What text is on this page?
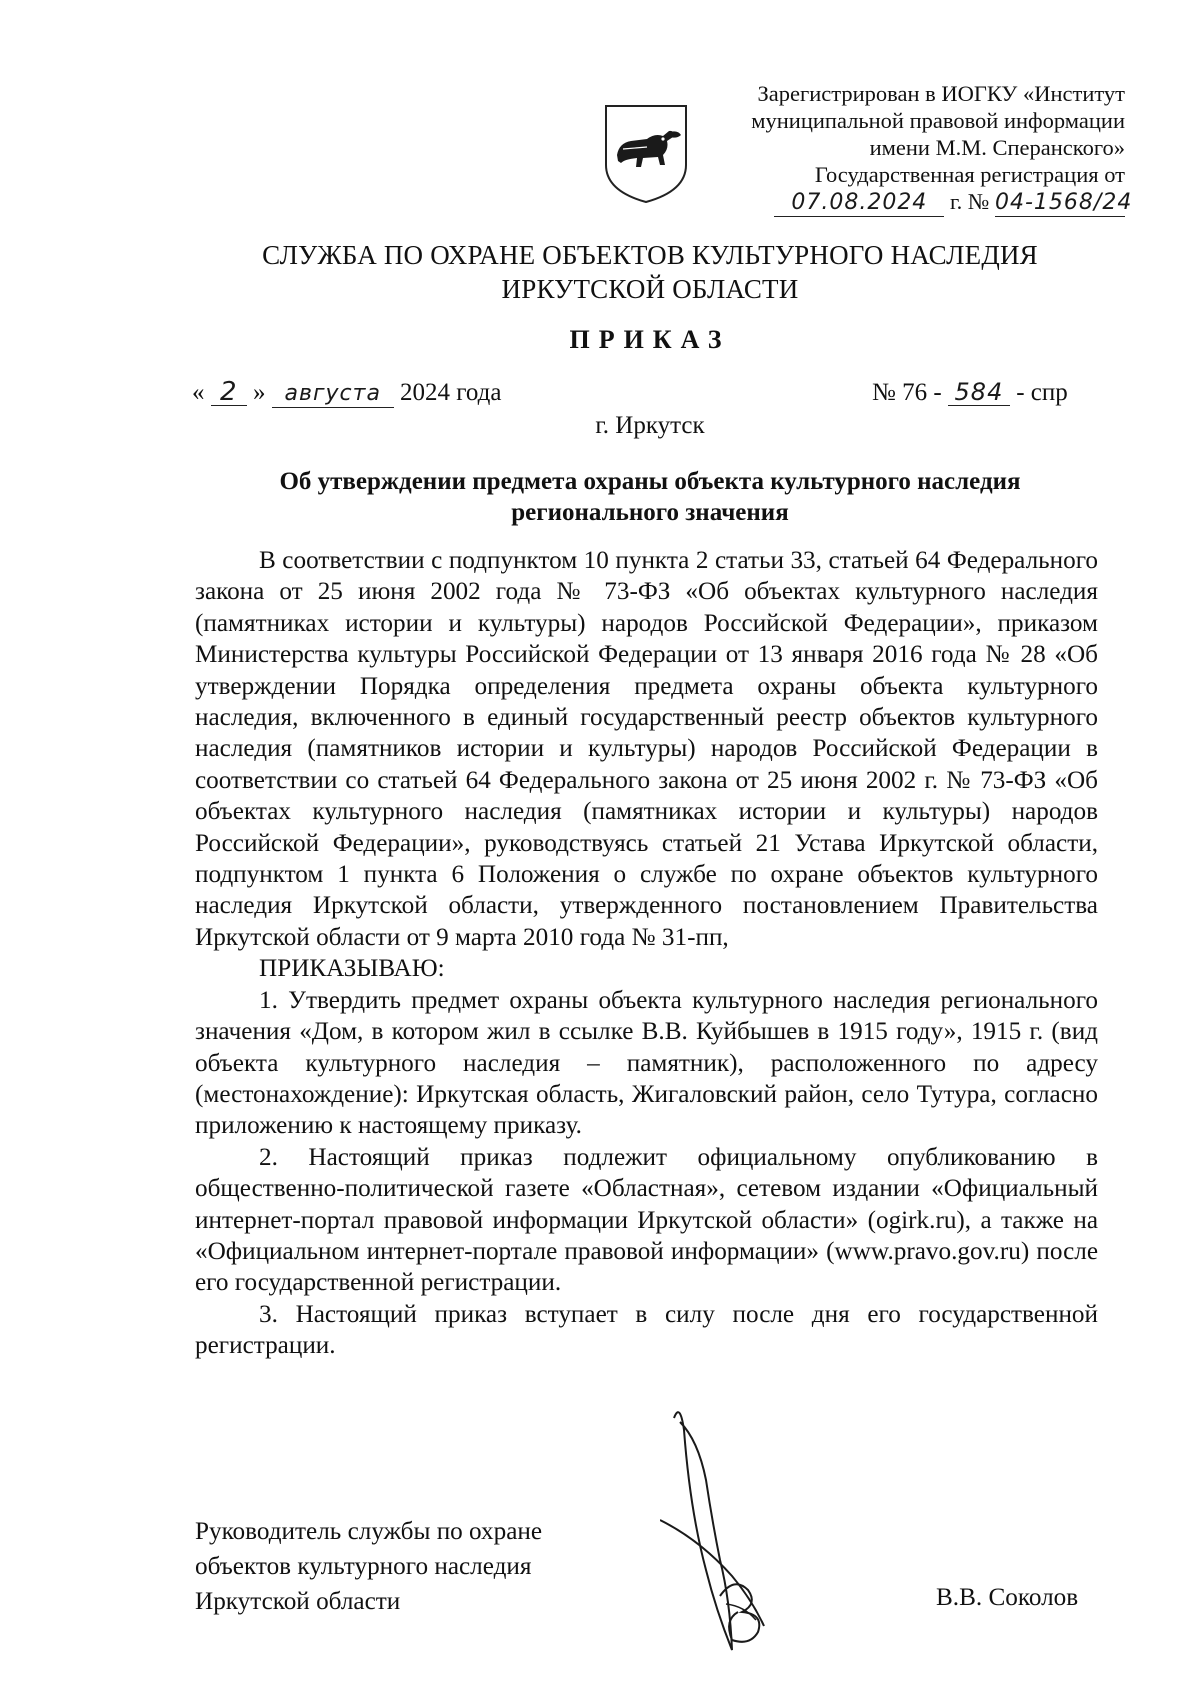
Зарегистрирован в ИОГКУ «Институт
муниципальной правовой информации
имени М.М. Сперанского»
Государственная регистрация от
07.08.2024 г. № 04-1568/24
СЛУЖБА ПО ОХРАНЕ ОБЪЕКТОВ КУЛЬТУРНОГО НАСЛЕДИЯ
ИРКУТСКОЙ ОБЛАСТИ
ПРИКАЗ
« 2 » августа 2024 года	№ 76 - 584 - спр
г. Иркутск
Об утверждении предмета охраны объекта культурного наследия
регионального значения

В соответствии с подпунктом 10 пункта 2 статьи 33, статьей 64 Федерального закона от 25 июня 2002 года № 73-ФЗ «Об объектах культурного наследия (памятниках истории и культуры) народов Российской Федерации», приказом Министерства культуры Российской Федерации от 13 января 2016 года № 28 «Об утверждении Порядка определения предмета охраны объекта культурного наследия, включенного в единый государственный реестр объектов культурного наследия (памятников истории и культуры) народов Российской Федерации в соответствии со статьей 64 Федерального закона от 25 июня 2002 г. № 73-ФЗ «Об объектах культурного наследия (памятниках истории и культуры) народов Российской Федерации», руководствуясь статьей 21 Устава Иркутской области, подпунктом 1 пункта 6 Положения о службе по охране объектов культурного наследия Иркутской области, утвержденного постановлением Правительства Иркутской области от 9 марта 2010 года № 31-пп,

ПРИКАЗЫВАЮ:

1. Утвердить предмет охраны объекта культурного наследия регионального значения «Дом, в котором жил в ссылке В.В. Куйбышев в 1915 году», 1915 г. (вид объекта культурного наследия – памятник), расположенного по адресу (местонахождение): Иркутская область, Жигаловский район, село Тутура, согласно приложению к настоящему приказу.

2. Настоящий приказ подлежит официальному опубликованию в общественно-политической газете «Областная», сетевом издании «Официальный интернет-портал правовой информации Иркутской области» (ogirk.ru), а также на «Официальном интернет-портале правовой информации» (www.pravo.gov.ru) после его государственной регистрации.

3. Настоящий приказ вступает в силу после дня его государственной регистрации.

Руководитель службы по охране
объектов культурного наследия
Иркутской области	В.В. Соколов
